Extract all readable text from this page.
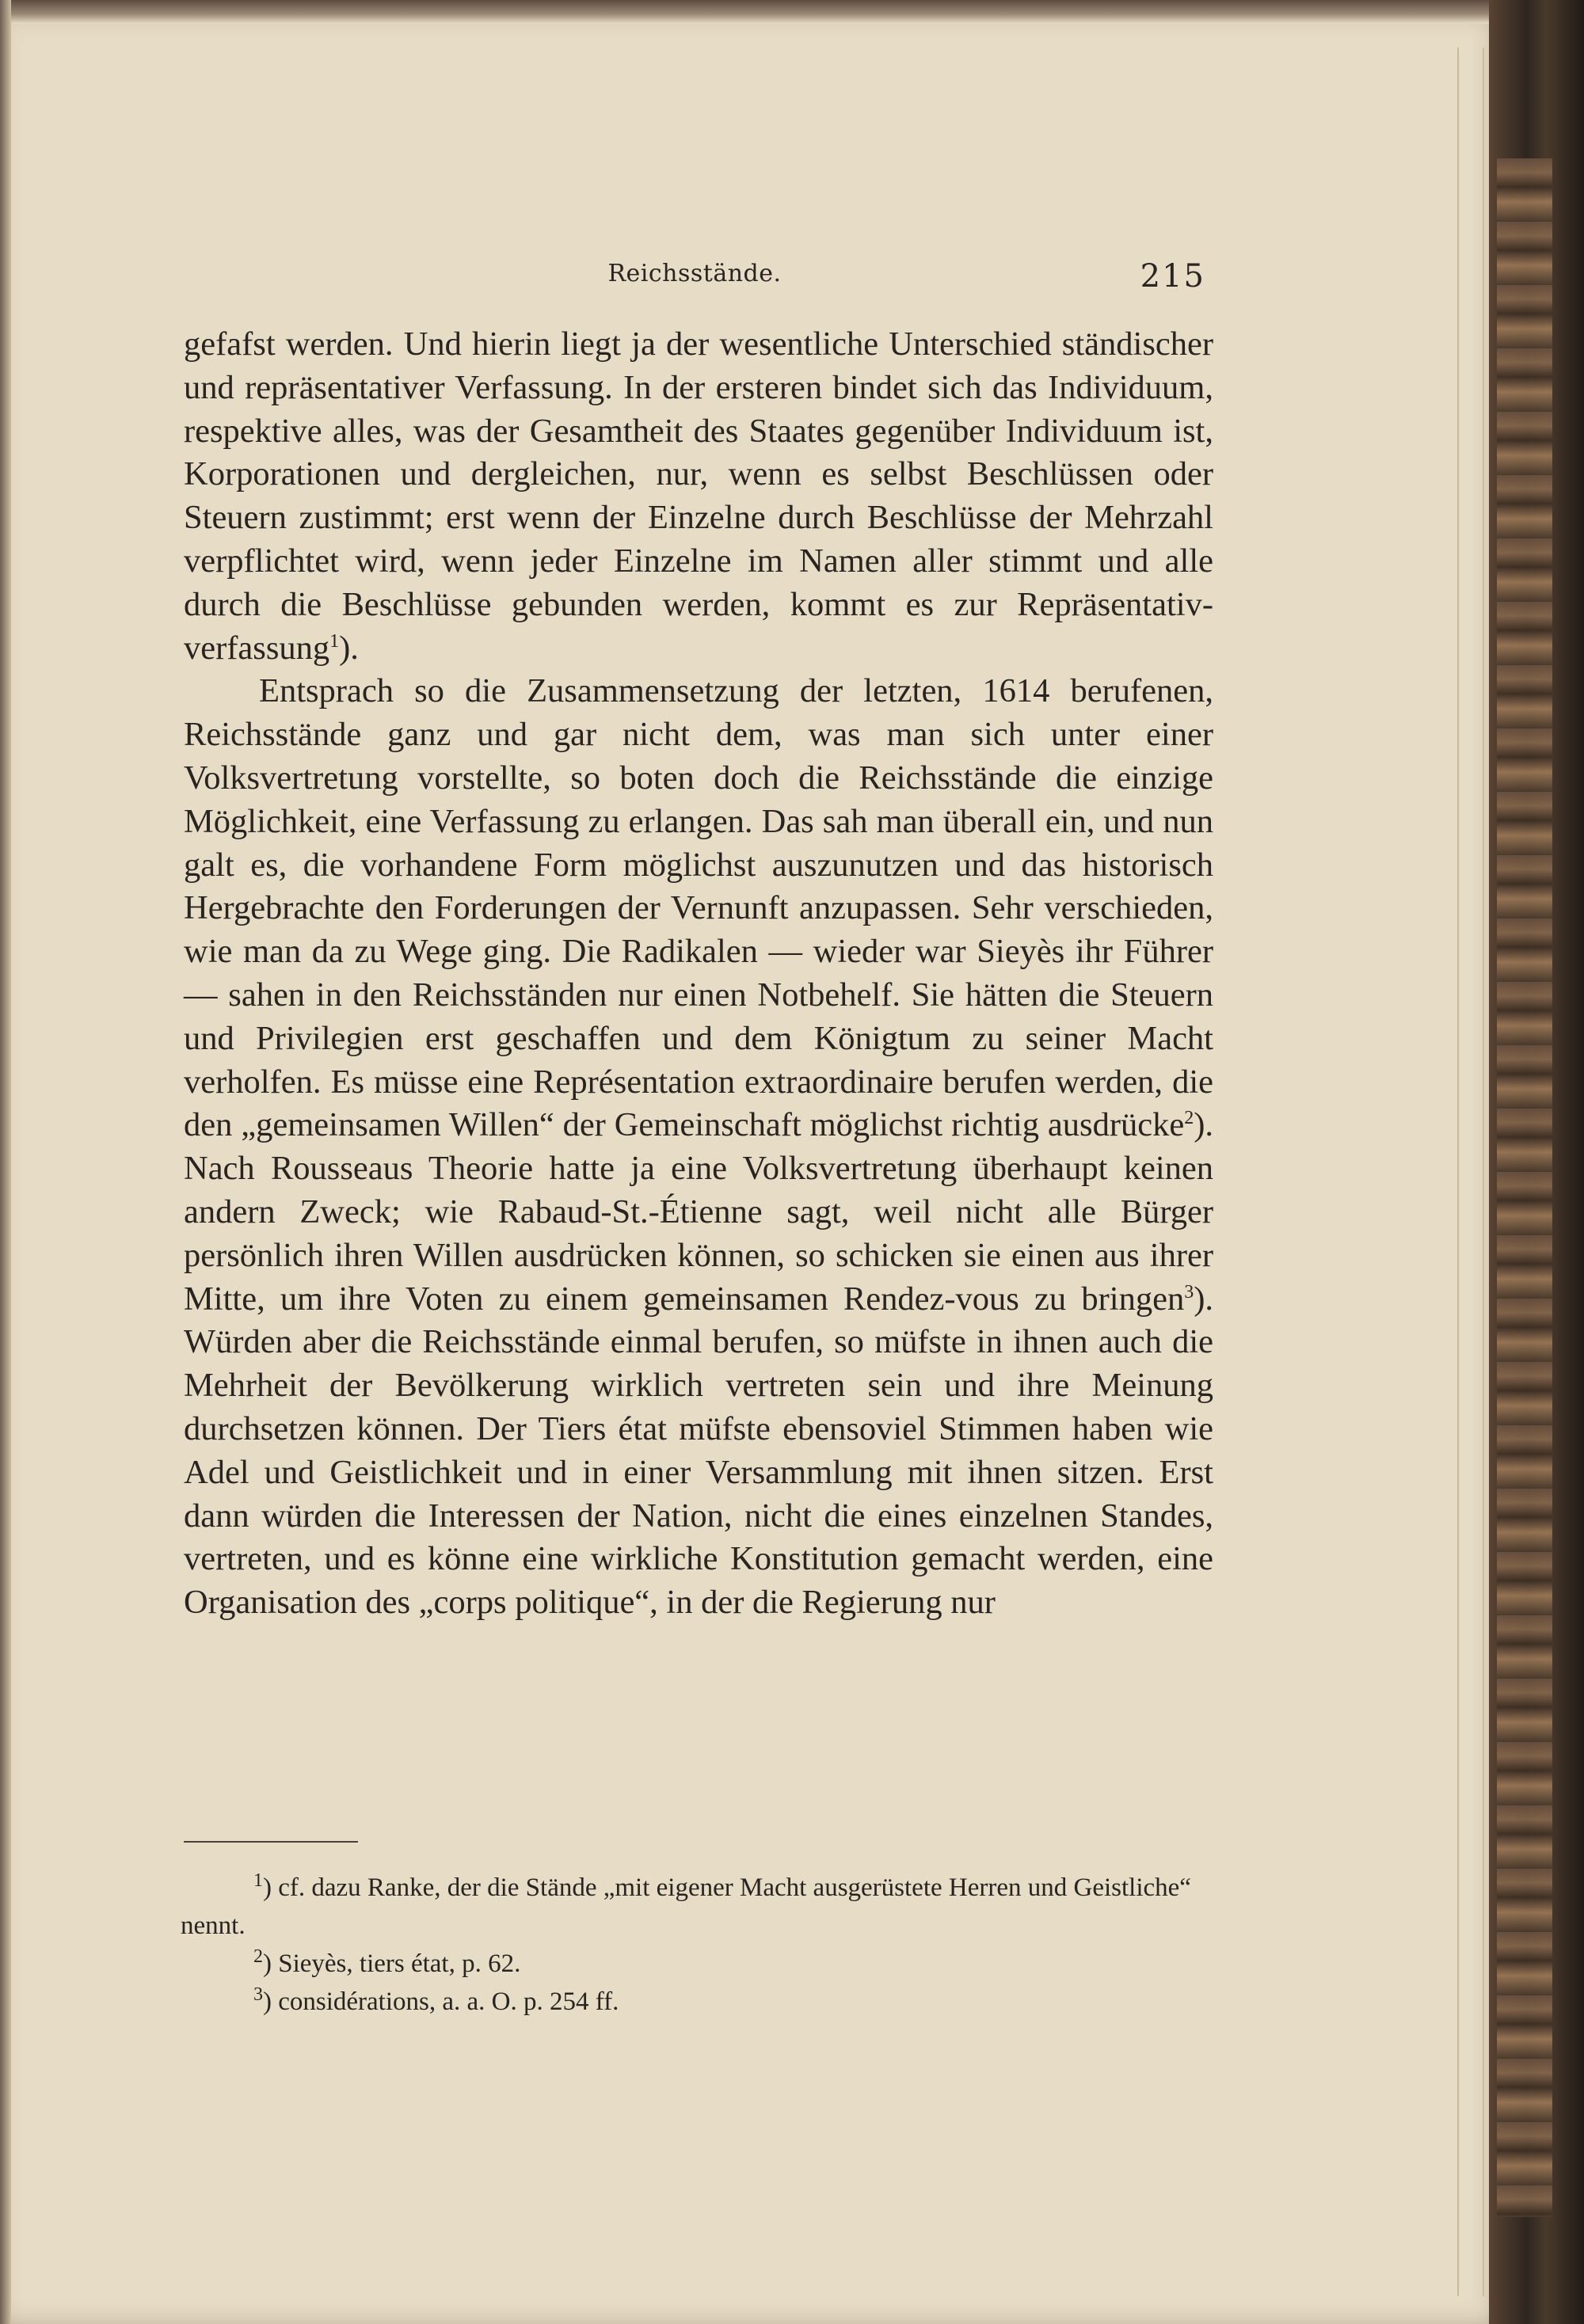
Reichsstände.	215

gefafst werden. Und hierin liegt ja der wesentliche Unterschied ständischer und repräsentativer Verfassung. In der ersteren bindet sich das Individuum, respektive alles, was der Gesamtheit des Staates gegenüber Individuum ist, Korporationen und dergleichen, nur, wenn es selbst Beschlüssen oder Steuern zustimmt; erst wenn der Einzelne durch Beschlüsse der Mehrzahl verpflichtet wird, wenn jeder Einzelne im Namen aller stimmt und alle durch die Beschlüsse gebunden werden, kommt es zur Repräsentativ-verfassung$^1$).

Entsprach so die Zusammensetzung der letzten, 1614 berufenen, Reichsstände ganz und gar nicht dem, was man sich unter einer Volksvertretung vorstellte, so boten doch die Reichsstände die einzige Möglichkeit, eine Verfassung zu erlangen. Das sah man überall ein, und nun galt es, die vorhandene Form möglichst auszunutzen und das historisch Hergebrachte den Forderungen der Vernunft anzupassen. Sehr verschieden, wie man da zu Wege ging. Die Radikalen — wieder war Sieyès ihr Führer — sahen in den Reichsständen nur einen Notbehelf. Sie hätten die Steuern und Privilegien erst geschaffen und dem Königtum zu seiner Macht verholfen. Es müsse eine Représentation extraordinaire berufen werden, die den „gemeinsamen Willen“ der Gemeinschaft möglichst richtig ausdrücke$^2$). Nach Rousseaus Theorie hatte ja eine Volksvertretung überhaupt keinen andern Zweck; wie Rabaud-St.-Étienne sagt, weil nicht alle Bürger persönlich ihren Willen ausdrücken können, so schicken sie einen aus ihrer Mitte, um ihre Voten zu einem gemeinsamen Rendez-vous zu bringen$^3$). Würden aber die Reichsstände einmal berufen, so müfste in ihnen auch die Mehrheit der Bevölkerung wirklich vertreten sein und ihre Meinung durchsetzen können. Der Tiers état müfste ebensoviel Stimmen haben wie Adel und Geistlichkeit und in einer Versammlung mit ihnen sitzen. Erst dann würden die Interessen der Nation, nicht die eines einzelnen Standes, vertreten, und es könne eine wirkliche Konstitution gemacht werden, eine Organisation des „corps politique“, in der die Regierung nur

$^1$) cf. dazu Ranke, der die Stände „mit eigener Macht ausgerüstete Herren und Geistliche“ nennt.

$^2$) Sieyès, tiers état, p. 62.

$^3$) considérations, a. a. O. p. 254 ff.
